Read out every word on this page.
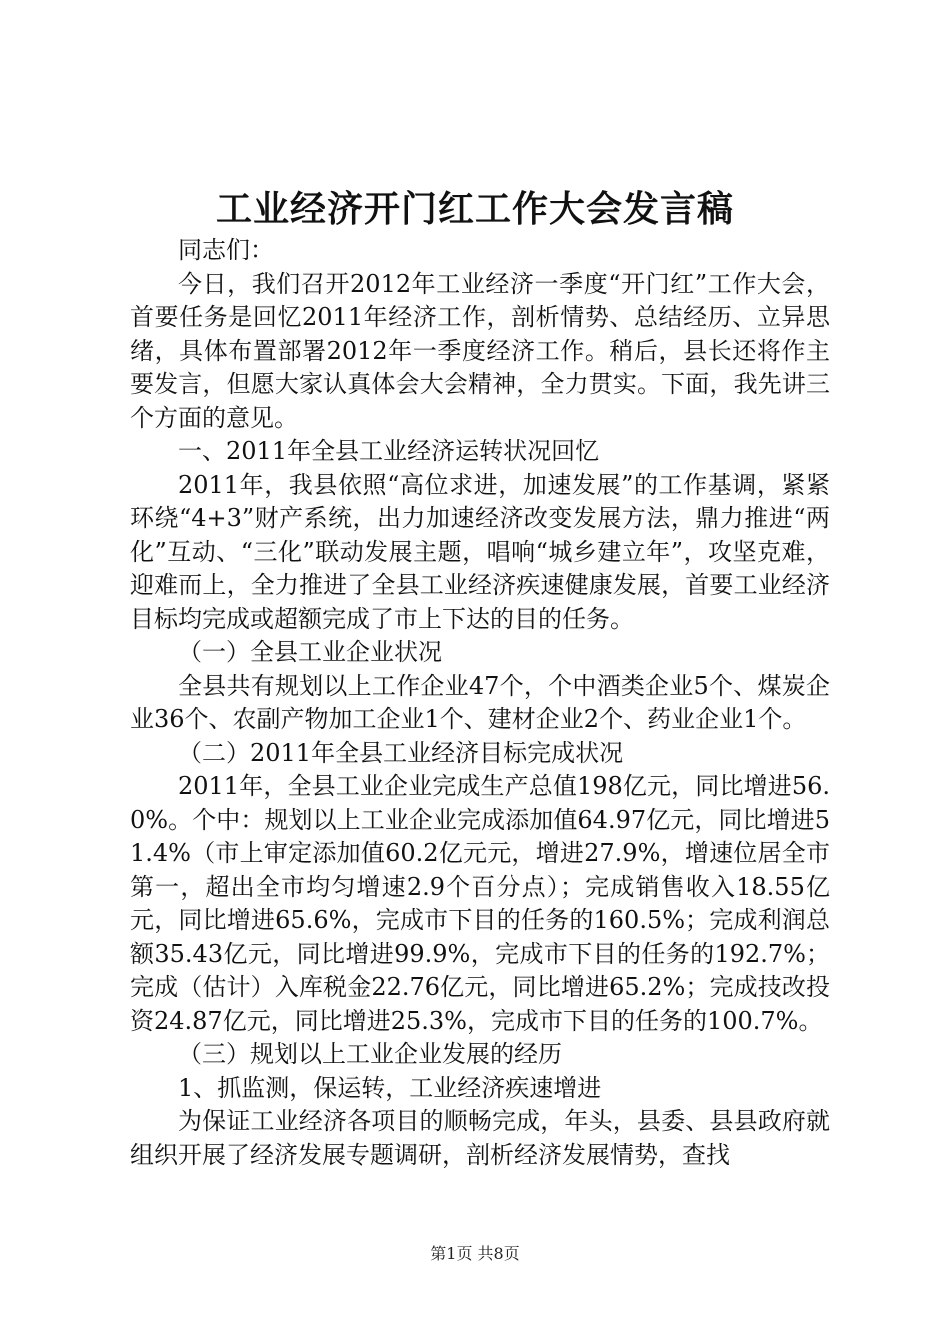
工业经济开门红工作大会发言稿

同志们：

今日，我们召开2012年工业经济一季度“开门红”工作大会，首要任务是回忆2011年经济工作，剖析情势、总结经历、立异思绪，具体布置部署2012年一季度经济工作。稍后，县长还将作主要发言，但愿大家认真体会大会精神，全力贯实。下面，我先讲三个方面的意见。

一、2011年全县工业经济运转状况回忆

2011年，我县依照“高位求进，加速发展”的工作基调，紧紧环绕“4+3”财产系统，出力加速经济改变发展方法，鼎力推进“两化”互动、“三化”联动发展主题，唱响“城乡建立年”，攻坚克难，迎难而上，全力推进了全县工业经济疾速健康发展，首要工业经济目标均完成或超额完成了市上下达的目的任务。

（一）全县工业企业状况

全县共有规划以上工作企业47个，个中酒类企业5个、煤炭企业36个、农副产物加工企业1个、建材企业2个、药业企业1个。

（二）2011年全县工业经济目标完成状况

2011年，全县工业企业完成生产总值198亿元，同比增进56.0%。个中：规划以上工业企业完成添加值64.97亿元，同比增进51.4%（市上审定添加值60.2亿元元，增进27.9%，增速位居全市第一，超出全市均匀增速2.9个百分点）；完成销售收入18.55亿元，同比增进65.6%，完成市下目的任务的160.5%；完成利润总额35.43亿元，同比增进99.9%，完成市下目的任务的192.7%；完成（估计）入库税金22.76亿元，同比增进65.2%；完成技改投资24.87亿元，同比增进25.3%，完成市下目的任务的100.7%。

（三）规划以上工业企业发展的经历

1、抓监测，保运转，工业经济疾速增进

为保证工业经济各项目的顺畅完成，年头，县委、县县政府就组织开展了经济发展专题调研，剖析经济发展情势，查找

第1页 共8页
